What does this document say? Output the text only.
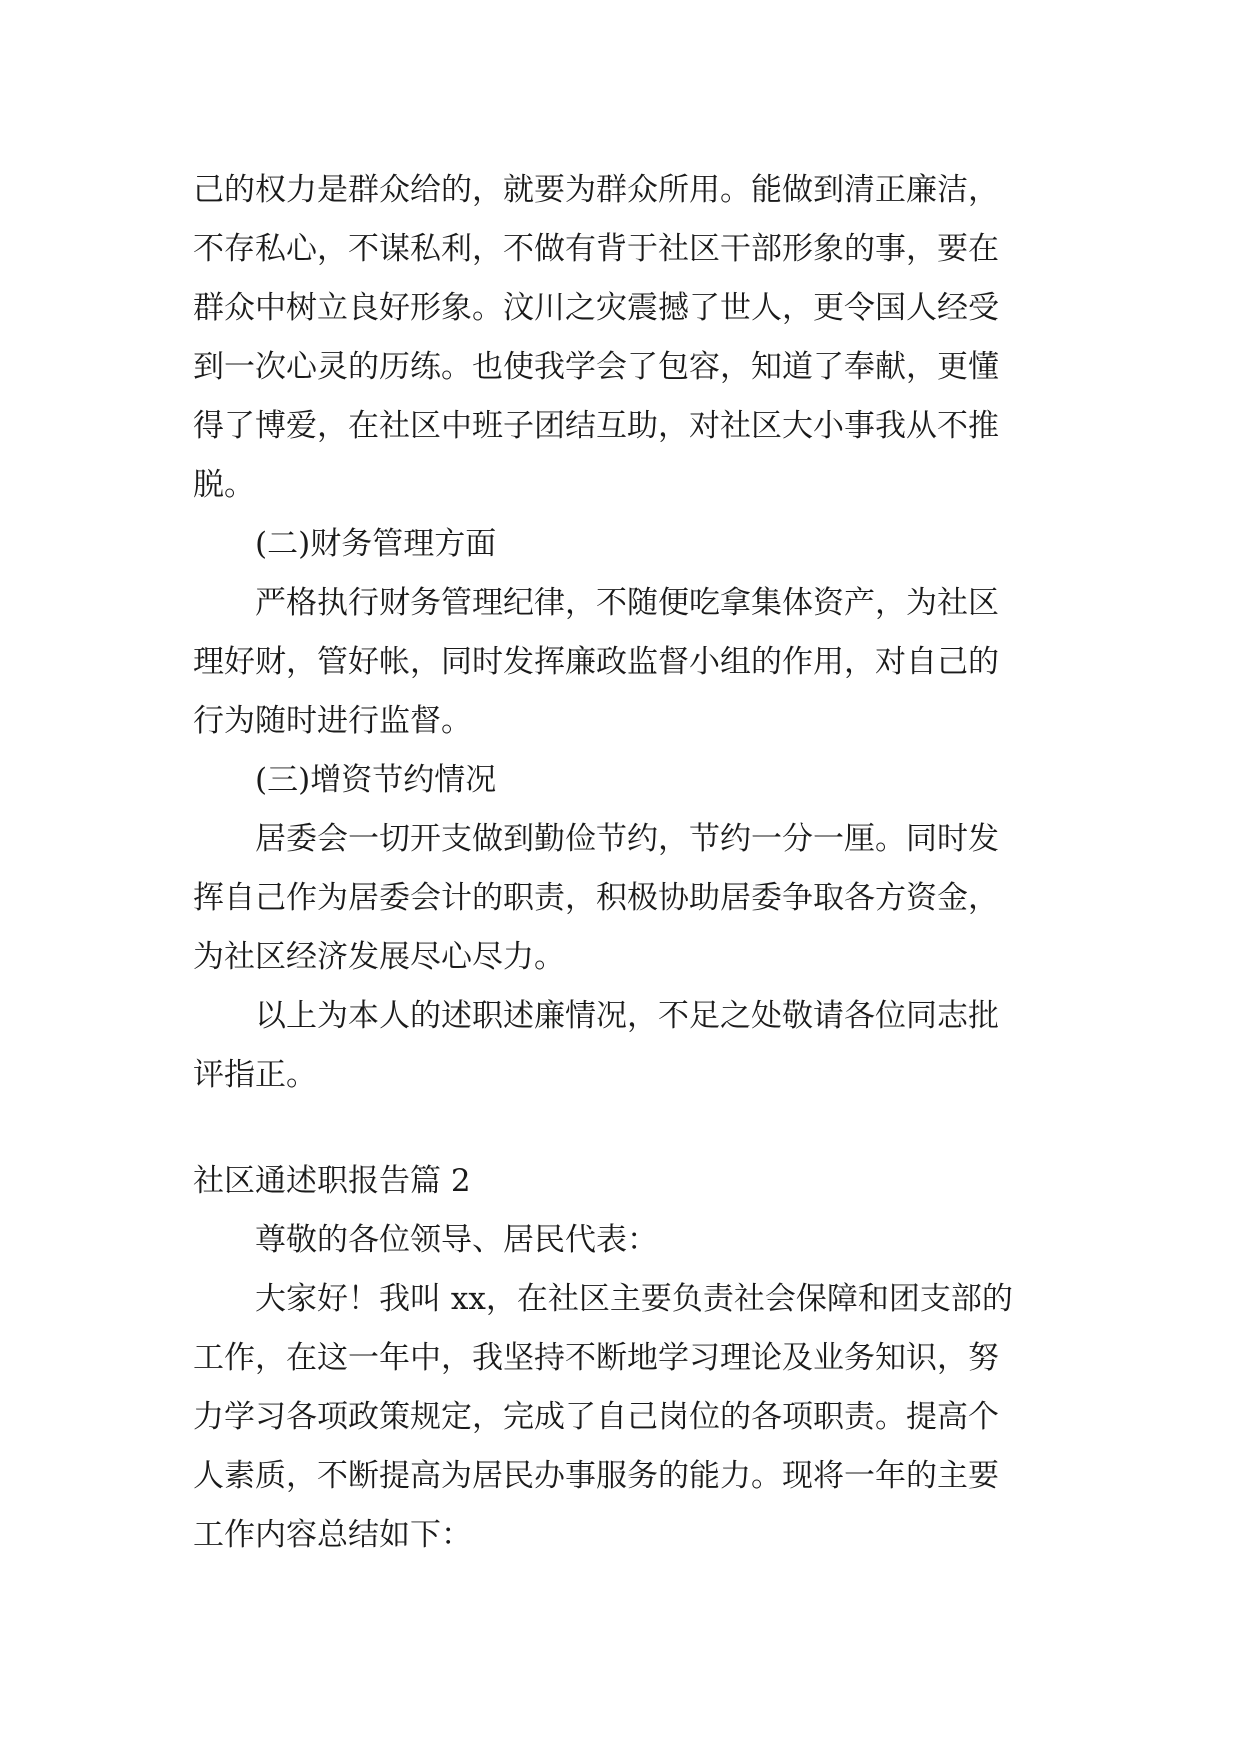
己的权力是群众给的，就要为群众所用。能做到清正廉洁，
不存私心，不谋私利，不做有背于社区干部形象的事，要在
群众中树立良好形象。汶川之灾震撼了世人，更令国人经受
到一次心灵的历练。也使我学会了包容，知道了奉献，更懂
得了博爱，在社区中班子团结互助，对社区大小事我从不推
脱。
(二)财务管理方面
严格执行财务管理纪律，不随便吃拿集体资产，为社区
理好财，管好帐，同时发挥廉政监督小组的作用，对自己的
行为随时进行监督。
(三)增资节约情况
居委会一切开支做到勤俭节约，节约一分一厘。同时发
挥自己作为居委会计的职责，积极协助居委争取各方资金，
为社区经济发展尽心尽力。
以上为本人的述职述廉情况，不足之处敬请各位同志批
评指正。
社区通述职报告篇 2
尊敬的各位领导、居民代表：
大家好！我叫 xx，在社区主要负责社会保障和团支部的
工作，在这一年中，我坚持不断地学习理论及业务知识，努
力学习各项政策规定，完成了自己岗位的各项职责。提高个
人素质，不断提高为居民办事服务的能力。现将一年的主要
工作内容总结如下：
